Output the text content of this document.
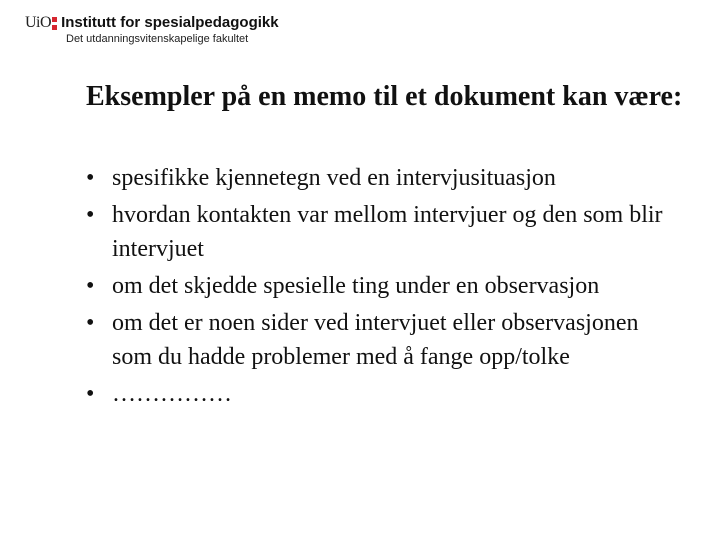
UiO Institutt for spesialpedagogikk
Det utdanningsvitenskapelige fakultet
Eksempler på en memo til et dokument kan være:
• spesifikke kjennetegn ved en intervjusituasjon
• hvordan kontakten var mellom intervjuer og den som blir intervjuet
• om det skjedde spesielle ting under en observasjon
• om det er noen sider ved intervjuet eller observasjonen som du hadde problemer med å fange opp/tolke
• ……………
